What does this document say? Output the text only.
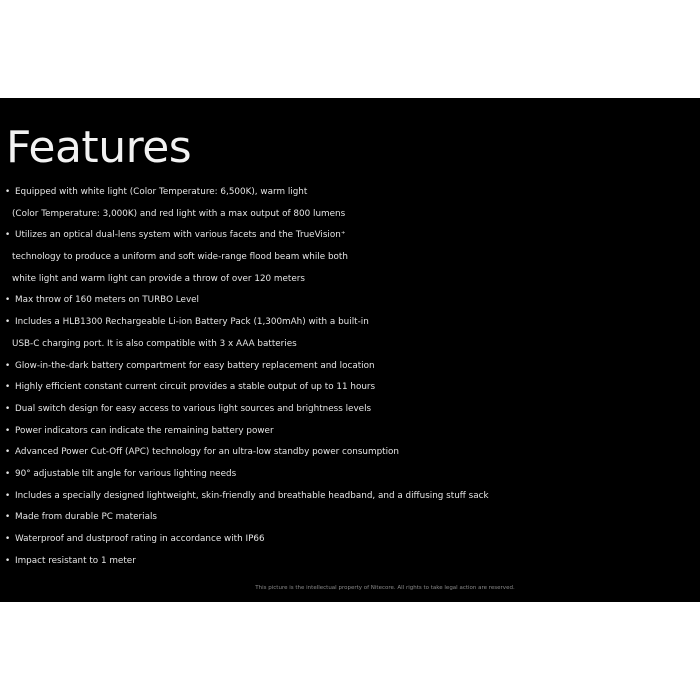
Features
• Equipped with white light (Color Temperature: 6,500K), warm light
(Color Temperature: 3,000K) and red light with a max output of 800 lumens
• Utilizes an optical dual-lens system with various facets and the TrueVision⁺
technology to produce a uniform and soft wide-range flood beam while both
white light and warm light can provide a throw of over 120 meters
• Max throw of 160 meters on TURBO Level
• Includes a HLB1300 Rechargeable Li-ion Battery Pack (1,300mAh) with a built-in
USB-C charging port. It is also compatible with 3 x AAA batteries
• Glow-in-the-dark battery compartment for easy battery replacement and location
• Highly efficient constant current circuit provides a stable output of up to 11 hours
• Dual switch design for easy access to various light sources and brightness levels
• Power indicators can indicate the remaining battery power
• Advanced Power Cut-Off (APC) technology for an ultra-low standby power consumption
• 90° adjustable tilt angle for various lighting needs
• Includes a specially designed lightweight, skin-friendly and breathable headband, and a diffusing stuff sack
• Made from durable PC materials
• Waterproof and dustproof rating in accordance with IP66
• Impact resistant to 1 meter
This picture is the intellectual property of Nitecore. All rights to take legal action are reserved.
